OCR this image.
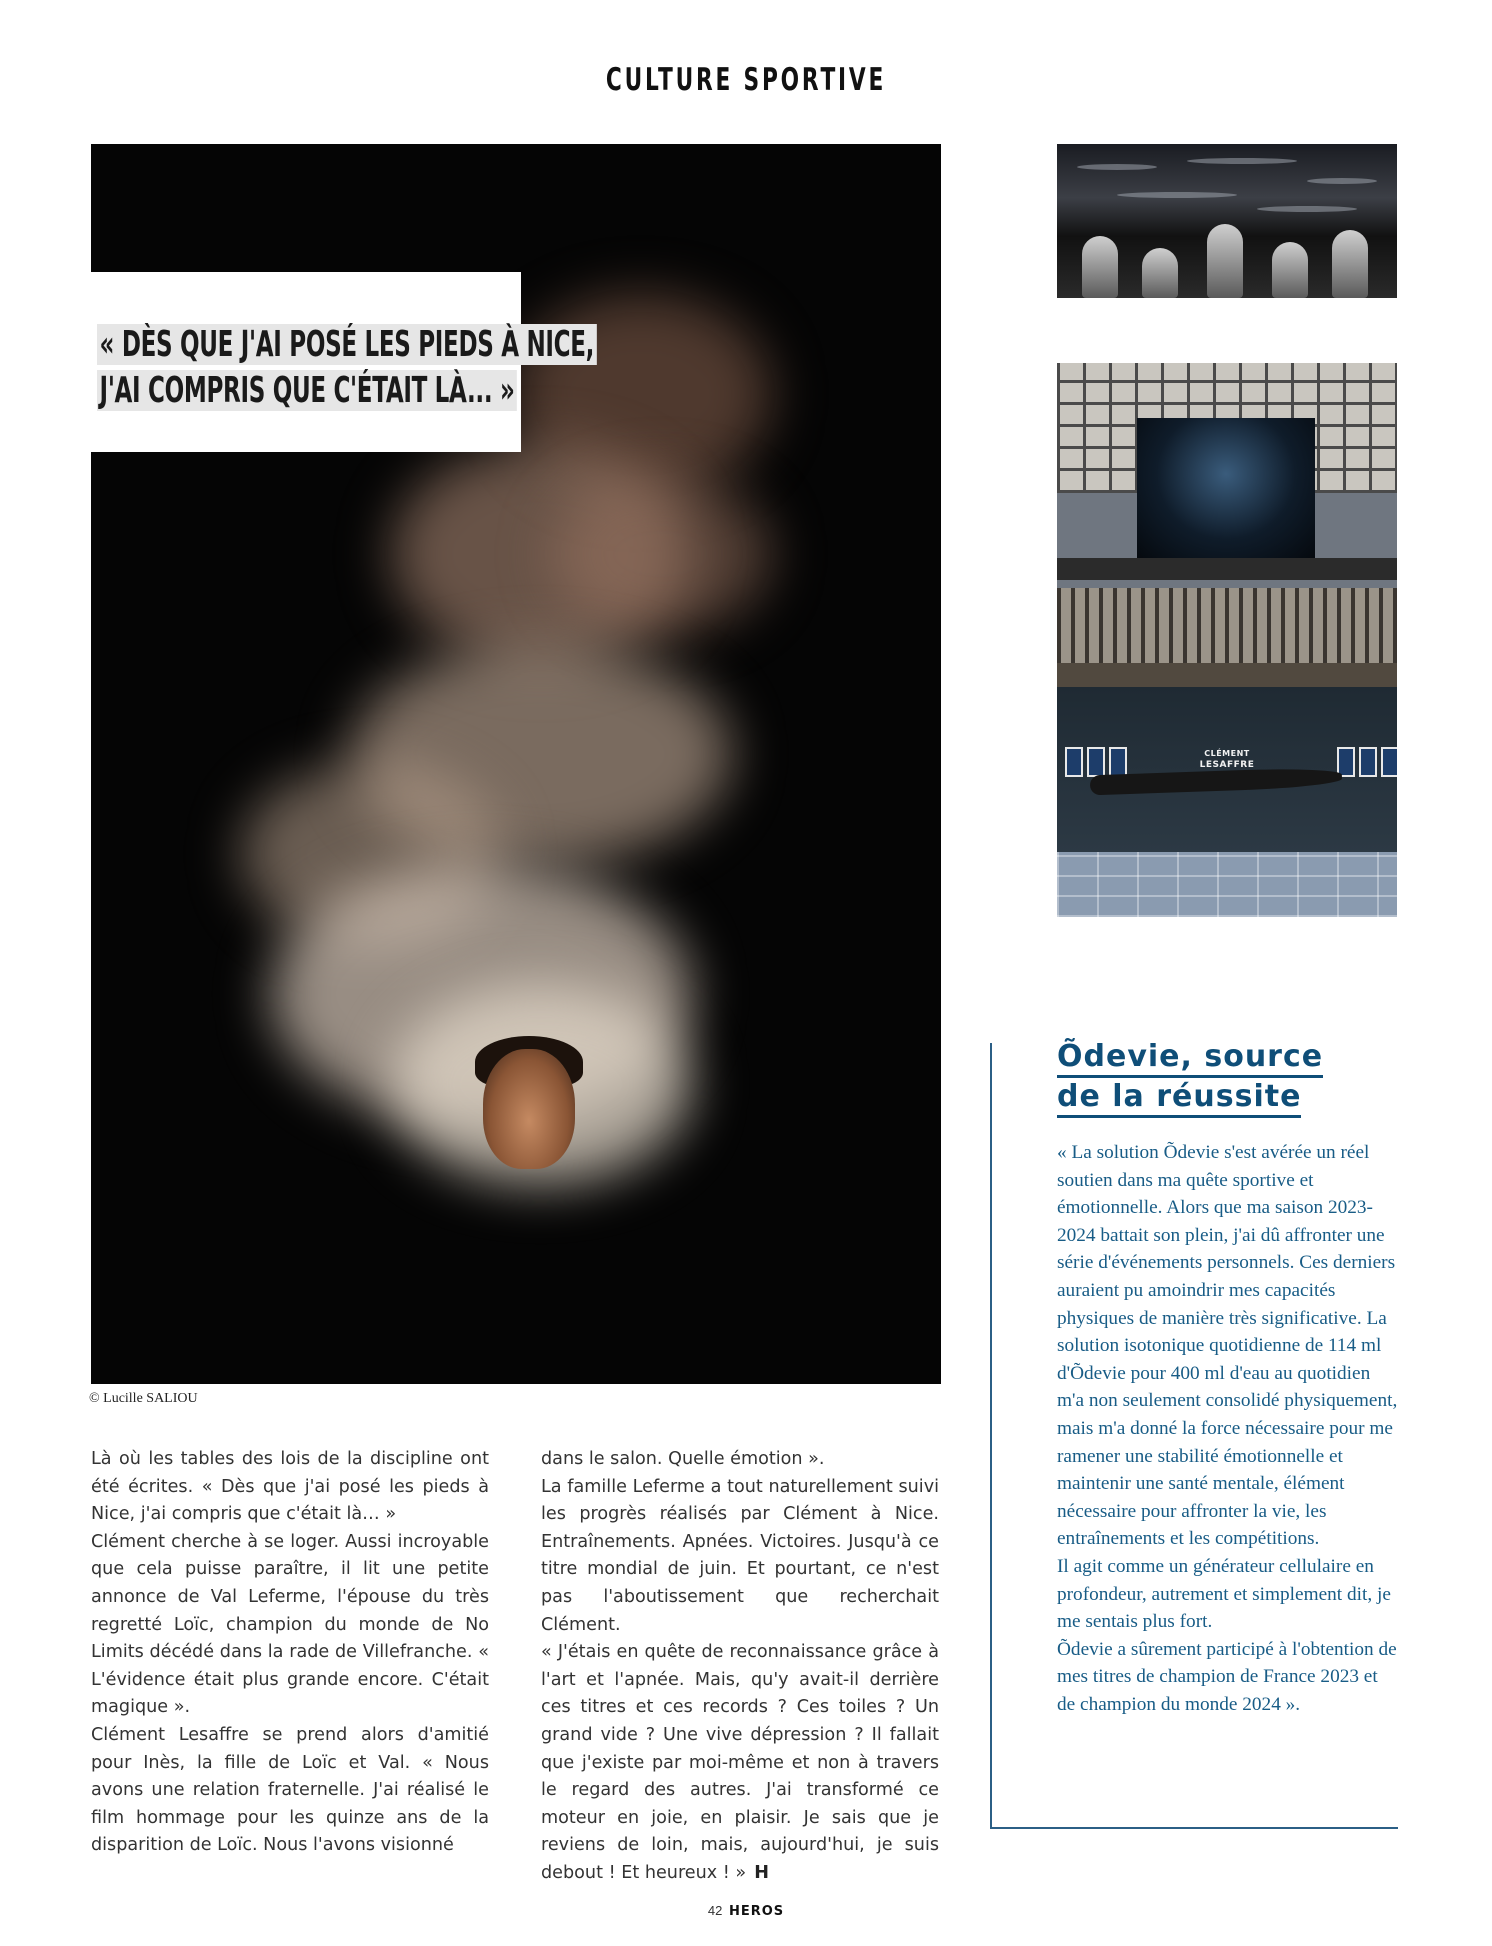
CULTURE SPORTIVE
« DÈS QUE J'AI POSÉ LES PIEDS À NICE,
J'AI COMPRIS QUE C'ÉTAIT LÀ... »
© Lucille SALIOU
CLÉMENT
LESAFFRE
Õdevie, source
de la réussite

« La solution Õdevie s'est avérée un réel soutien dans ma quête sportive et émotionnelle. Alors que ma saison 2023-2024 battait son plein, j'ai dû affronter une série d'événements personnels. Ces derniers auraient pu amoindrir mes capacités physiques de manière très significative. La solution isotonique quotidienne de 114 ml d'Õdevie pour 400 ml d'eau au quotidien m'a non seulement consolidé physiquement, mais m'a donné la force nécessaire pour me ramener une stabilité émotionnelle et maintenir une santé mentale, élément nécessaire pour affronter la vie, les entraînements et les compétitions.

Il agit comme un générateur cellulaire en profondeur, autrement et simplement dit, je me sentais plus fort.

Õdevie a sûrement participé à l'obtention de mes titres de champion de France 2023 et de champion du monde 2024 ».

Là où les tables des lois de la discipline ont été écrites. « Dès que j'ai posé les pieds à Nice, j'ai compris que c'était là… »

Clément cherche à se loger. Aussi incroyable que cela puisse paraître, il lit une petite annonce de Val Leferme, l'épouse du très regretté Loïc, champion du monde de No Limits décédé dans la rade de Villefranche. « L'évidence était plus grande encore. C'était magique ».

Clément Lesaffre se prend alors d'amitié pour Inès, la fille de Loïc et Val. « Nous avons une relation fraternelle. J'ai réalisé le film hommage pour les quinze ans de la disparition de Loïc. Nous l'avons visionné

dans le salon. Quelle émotion ».

La famille Leferme a tout naturellement suivi les progrès réalisés par Clément à Nice. Entraînements. Apnées. Victoires. Jusqu'à ce titre mondial de juin. Et pourtant, ce n'est pas l'aboutissement que recherchait Clément.

« J'étais en quête de reconnaissance grâce à l'art et l'apnée. Mais, qu'y avait-il derrière ces titres et ces records ? Ces toiles ? Un grand vide ? Une vive dépression ? Il fallait que j'existe par moi-même et non à travers le regard des autres. J'ai transformé ce moteur en joie, en plaisir. Je sais que je reviens de loin, mais, aujourd'hui, je suis debout ! Et heureux ! » H

42 HEROS
